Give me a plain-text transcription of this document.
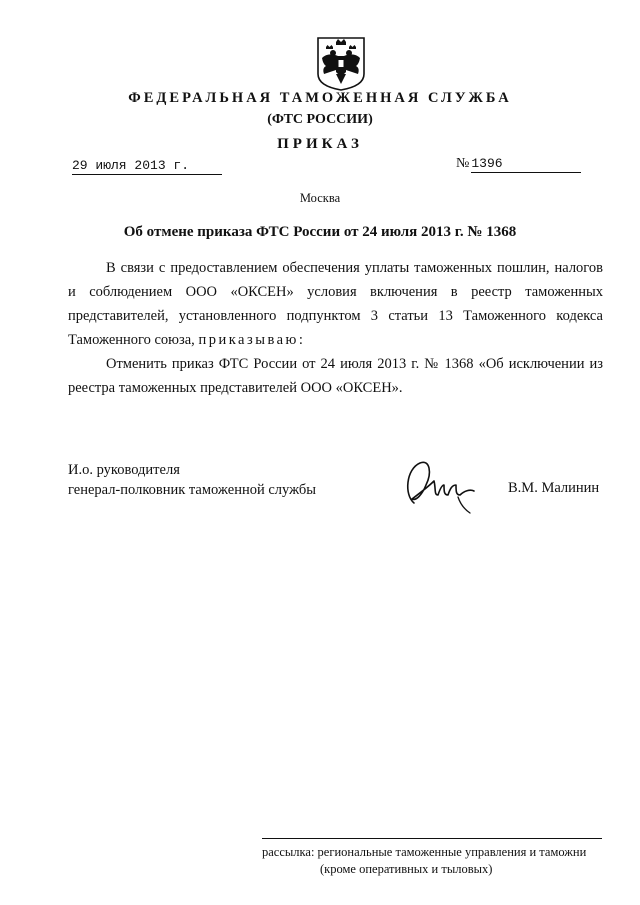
ФЕДЕРАЛЬНАЯ ТАМОЖЕННАЯ СЛУЖБА
(ФТС РОССИИ)
ПРИКАЗ
29 июля 2013 г.	№ 1396
Москва
Об отмене приказа ФТС России от 24 июля 2013 г. № 1368

В связи с предоставлением обеспечения уплаты таможенных пошлин, налогов и соблюдением ООО «ОКСЕН» условия включения в реестр таможенных представителей, установленного подпунктом 3 статьи 13 Таможенного кодекса Таможенного союза, приказываю:

Отменить приказ ФТС России от 24 июля 2013 г. № 1368 «Об исключении из реестра таможенных представителей ООО «ОКСЕН».

И.о. руководителя
генерал-полковник таможенной службы	В.М. Малинин
рассылка: региональные таможенные управления и таможни
(кроме оперативных и тыловых)
